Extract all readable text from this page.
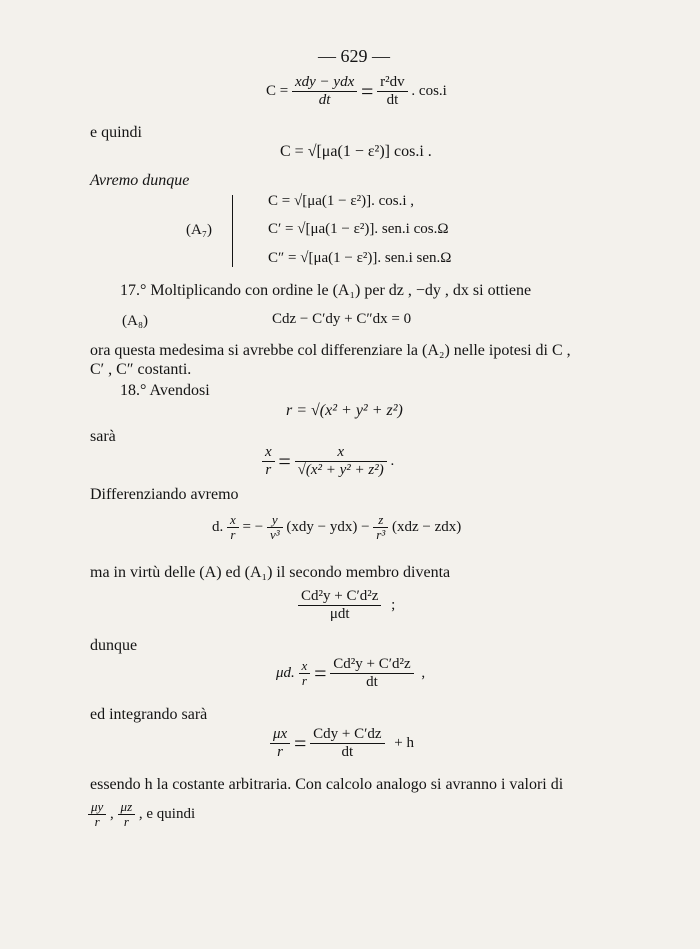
— 629 —
$C = \frac{\text{xdy − ydx}}{dt} = \frac{\text{r²dv}}{dt}$ . cos.i
e quindi
C = √[μa(1 − ε²)] cos.i .
Avremo dunque
(A₇)
C = √[μa(1 − ε²)]. cos.i ,
C′ = √[μa(1 − ε²)]. sen.i cos.Ω
C″ = √[μa(1 − ε²)]. sen.i sen.Ω
17.° Moltiplicando con ordine le (A₁) per dz , −dy , dx si ottiene
(A₈)	Cdz − C′dy + C″dx = 0
ora questa medesima si avrebbe col differenziare la (A₂) nelle ipotesi di C ,
C′ , C″ costanti.
18.° Avendosi
r = √(x² + y² + z²)
sarà
$\frac{x}{r} = \frac{x}{\text{√(x² + y² + z²)}}$ .
Differenziando avremo
d. $\frac{x}{r}$ = − $\frac{y}{\text{v³}} (xdy - ydx) - \frac{z}{\text{r³}} (xdz - zdx)$
ma in virtù delle (A) ed (A₁) il secondo membro diventa
$\frac{\text{Cd²y + C′d²z}}{\text{μdt}}$ ;
dunque
μd. $\frac{x}{r} = \frac{\text{Cd²y + C′d²z}}{dt}$ ,
ed integrando sarà
$\frac{\mu x}{r} = \frac{\text{Cdy + C′dz}}{dt} + h$
essendo h la costante arbitraria. Con calcolo analogo si avranno i valori di
$\frac{\mu y}{r}$ , $\frac{\mu z}{r}$ , e quindi
